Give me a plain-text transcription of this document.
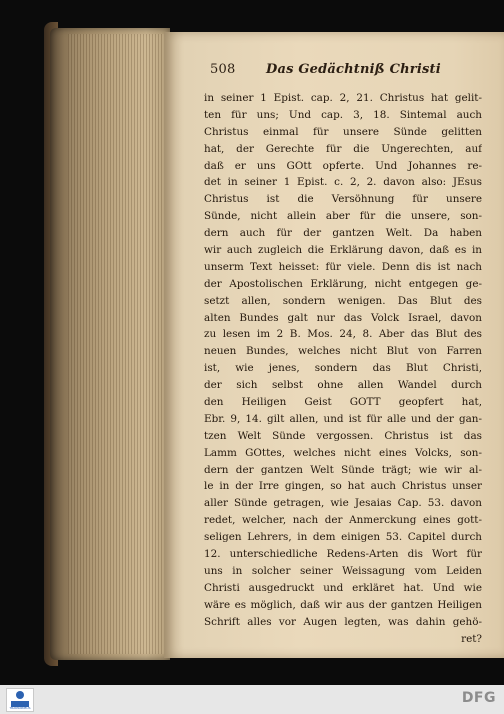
508 Das Gedächtniß Christi
in seiner 1 Epist. cap. 2, 21. Christus hat gelit-
ten für uns; Und cap. 3, 18. Sintemal auch
Christus einmal für unsere Sünde gelitten
hat, der Gerechte für die Ungerechten, auf
daß er uns GOtt opferte. Und Johannes re-
det in seiner 1 Epist. c. 2, 2. davon also: JEsus
Christus ist die Versöhnung für unsere
Sünde, nicht allein aber für die unsere, son-
dern auch für der gantzen Welt. Da haben
wir auch zugleich die Erklärung davon, daß es in
unserm Text heisset: für viele. Denn dis ist nach
der Apostolischen Erklärung, nicht entgegen ge-
setzt allen, sondern wenigen. Das Blut des
alten Bundes galt nur das Volck Israel, davon
zu lesen im 2 B. Mos. 24, 8. Aber das Blut des
neuen Bundes, welches nicht Blut von Farren
ist, wie jenes, sondern das Blut Christi,
der sich selbst ohne allen Wandel durch
den Heiligen Geist GOTT geopfert hat,
Ebr. 9, 14. gilt allen, und ist für alle und der gan-
tzen Welt Sünde vergossen. Christus ist das
Lamm GOttes, welches nicht eines Volcks, son-
dern der gantzen Welt Sünde trägt; wie wir al-
le in der Irre gingen, so hat auch Christus unser
aller Sünde getragen, wie Jesaias Cap. 53. davon
redet, welcher, nach der Anmerckung eines gott-
seligen Lehrers, in dem einigen 53. Capitel durch
12. unterschiedliche Redens-Arten dis Wort für
uns in solcher seiner Weissagung vom Leiden
Christi ausgedruckt und erkläret hat. Und wie
wäre es möglich, daß wir aus der gantzen Heiligen
Schrift alles vor Augen legten, was dahin gehö-
ret?
TRANSKRIBUS
DFG
